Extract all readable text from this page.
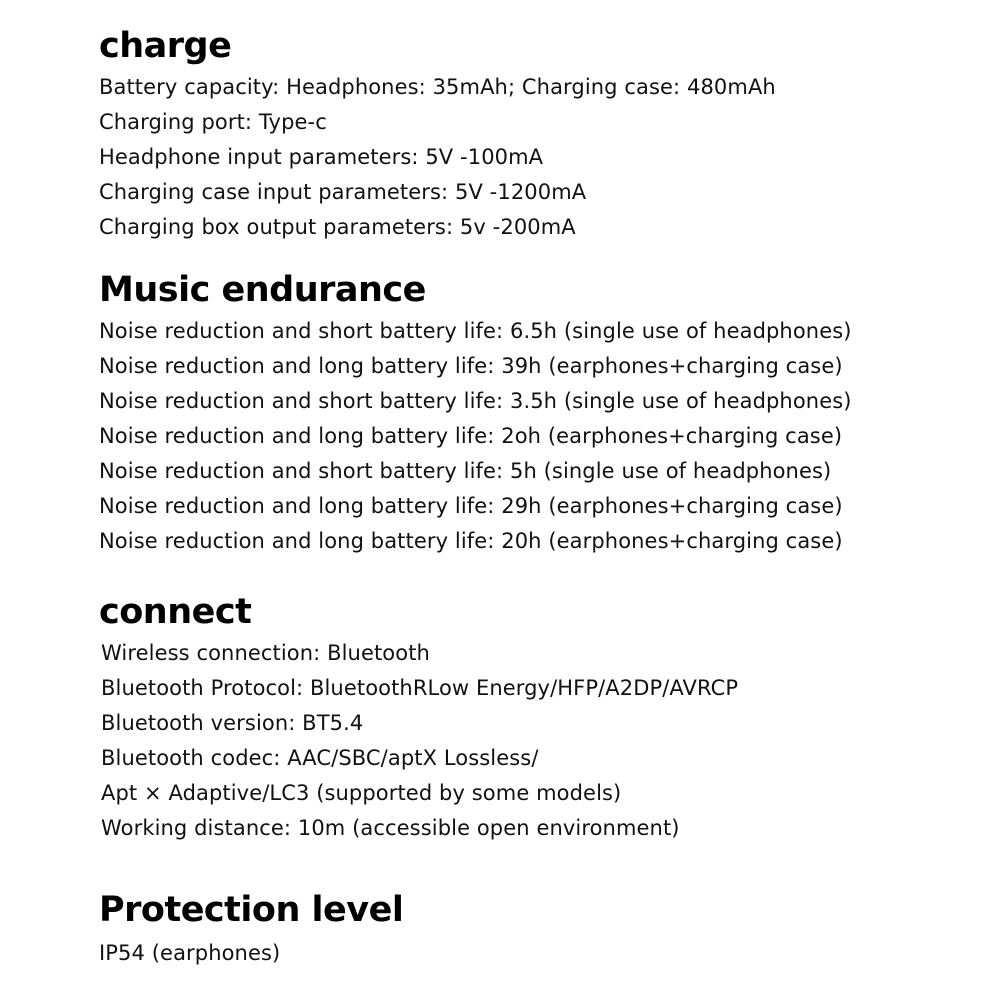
charge
Battery capacity: Headphones: 35mAh; Charging case: 480mAh
Charging port: Type-c
Headphone input parameters: 5V -100mA
Charging case input parameters: 5V -1200mA
Charging box output parameters: 5v -200mA
Music endurance
Noise reduction and short battery life: 6.5h (single use of headphones)
Noise reduction and long battery life: 39h (earphones+charging case)
Noise reduction and short battery life: 3.5h (single use of headphones)
Noise reduction and long battery life: 2oh (earphones+charging case)
Noise reduction and short battery life: 5h (single use of headphones)
Noise reduction and long battery life: 29h (earphones+charging case)
Noise reduction and long battery life: 20h (earphones+charging case)
connect
Wireless connection: Bluetooth
Bluetooth Protocol: BluetoothRLow Energy/HFP/A2DP/AVRCP
Bluetooth version: BT5.4
Bluetooth codec: AAC/SBC/aptX Lossless/
Apt × Adaptive/LC3 (supported by some models)
Working distance: 10m (accessible open environment)
Protection level
IP54 (earphones)
